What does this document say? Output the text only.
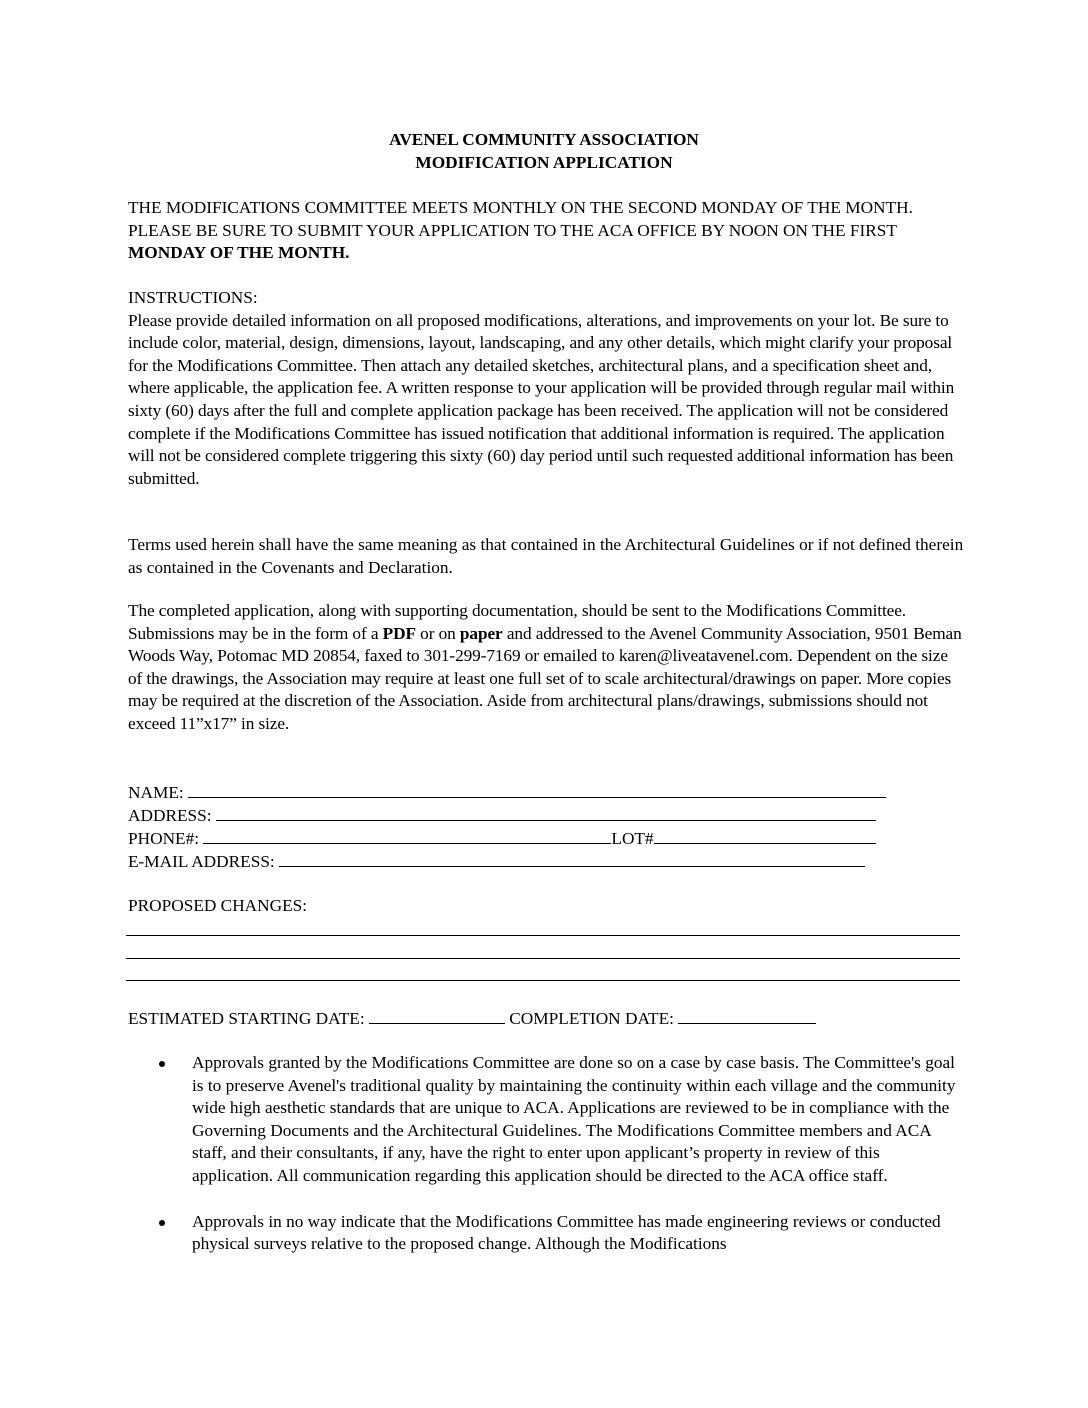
AVENEL COMMUNITY ASSOCIATION
MODIFICATION APPLICATION

THE MODIFICATIONS COMMITTEE MEETS MONTHLY ON THE SECOND MONDAY OF THE MONTH. PLEASE BE SURE TO SUBMIT YOUR APPLICATION TO THE ACA OFFICE BY NOON ON THE FIRST MONDAY OF THE MONTH.

INSTRUCTIONS:

Please provide detailed information on all proposed modifications, alterations, and improvements on your lot. Be sure to include color, material, design, dimensions, layout, landscaping, and any other details, which might clarify your proposal for the Modifications Committee. Then attach any detailed sketches, architectural plans, and a specification sheet and, where applicable, the application fee. A written response to your application will be provided through regular mail within sixty (60) days after the full and complete application package has been received. The application will not be considered complete if the Modifications Committee has issued notification that additional information is required. The application will not be considered complete triggering this sixty (60) day period until such requested additional information has been submitted.

Terms used herein shall have the same meaning as that contained in the Architectural Guidelines or if not defined therein as contained in the Covenants and Declaration.

The completed application, along with supporting documentation, should be sent to the Modifications Committee. Submissions may be in the form of a PDF or on paper and addressed to the Avenel Community Association, 9501 Beman Woods Way, Potomac MD 20854, faxed to 301-299-7169 or emailed to karen@liveatavenel.com. Dependent on the size of the drawings, the Association may require at least one full set of to scale architectural/drawings on paper. More copies may be required at the discretion of the Association. Aside from architectural plans/drawings, submissions should not exceed 11”x17” in size.

NAME:
ADDRESS:
PHONE#:	LOT#
E-MAIL ADDRESS:
PROPOSED CHANGES:
ESTIMATED STARTING DATE:	COMPLETION DATE:
Approvals granted by the Modifications Committee are done so on a case by case basis. The Committee's goal is to preserve Avenel's traditional quality by maintaining the continuity within each village and the community wide high aesthetic standards that are unique to ACA. Applications are reviewed to be in compliance with the Governing Documents and the Architectural Guidelines. The Modifications Committee members and ACA staff, and their consultants, if any, have the right to enter upon applicant’s property in review of this application. All communication regarding this application should be directed to the ACA office staff.
Approvals in no way indicate that the Modifications Committee has made engineering reviews or conducted physical surveys relative to the proposed change. Although the Modifications
